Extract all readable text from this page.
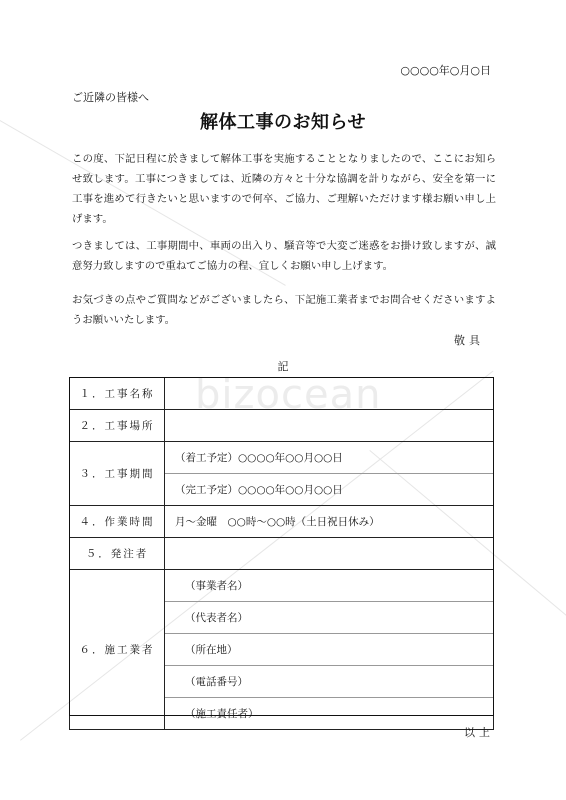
bizocean
○○○○年○月○日
ご近隣の皆様へ
解体工事のお知らせ
この度、下記日程に於きまして解体工事を実施することとなりましたので、ここにお知らせ致します。工事につきましては、近隣の方々と十分な協調を計りながら、安全を第一に工事を進めて行きたいと思いますので何卒、ご協力、ご理解いただけます様お願い申し上げます。
つきましては、工事期間中、車両の出入り、騒音等で大変ご迷惑をお掛け致しますが、誠意努力致しますので重ねてご協力の程、宜しくお願い申し上げます。
お気づきの点やご質問などがございましたら、下記施工業者までお問合せくださいますようお願いいたします。
敬具
記
１．工事名称	
２．工事場所	
３．工事期間	（着工予定）○○○○年○○月○○日
	（完工予定）○○○○年○○月○○日
４．作業時間	月～金曜　○○時～○○時（土日祝日休み）
５．発注者	
６．施工業者	（事業者名）
	（代表者名）
	（所在地）
	（電話番号）
	（施工責任者）
以上
